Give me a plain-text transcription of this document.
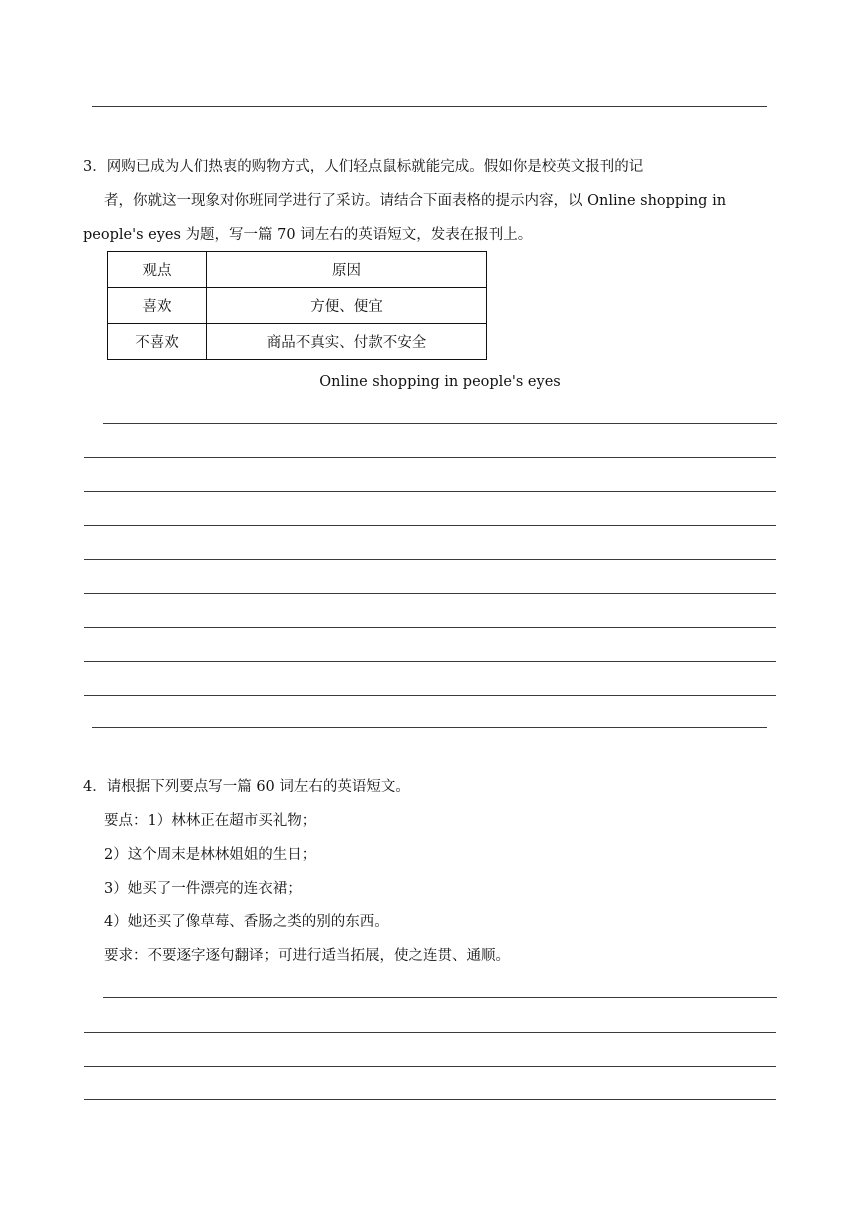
3．网购已成为人们热衷的购物方式，人们轻点鼠标就能完成。假如你是校英文报刊的记
者，你就这一现象对你班同学进行了采访。请结合下面表格的提示内容，以 Online shopping in
people's eyes 为题，写一篇 70 词左右的英语短文，发表在报刊上。
观点	原因
喜欢	方便、便宜
不喜欢	商品不真实、付款不安全
Online shopping in people's eyes
4．请根据下列要点写一篇 60 词左右的英语短文。
要点：1）林林正在超市买礼物；
2）这个周末是林林姐姐的生日；
3）她买了一件漂亮的连衣裙；
4）她还买了像草莓、香肠之类的别的东西。
要求：不要逐字逐句翻译；可进行适当拓展，使之连贯、通顺。
